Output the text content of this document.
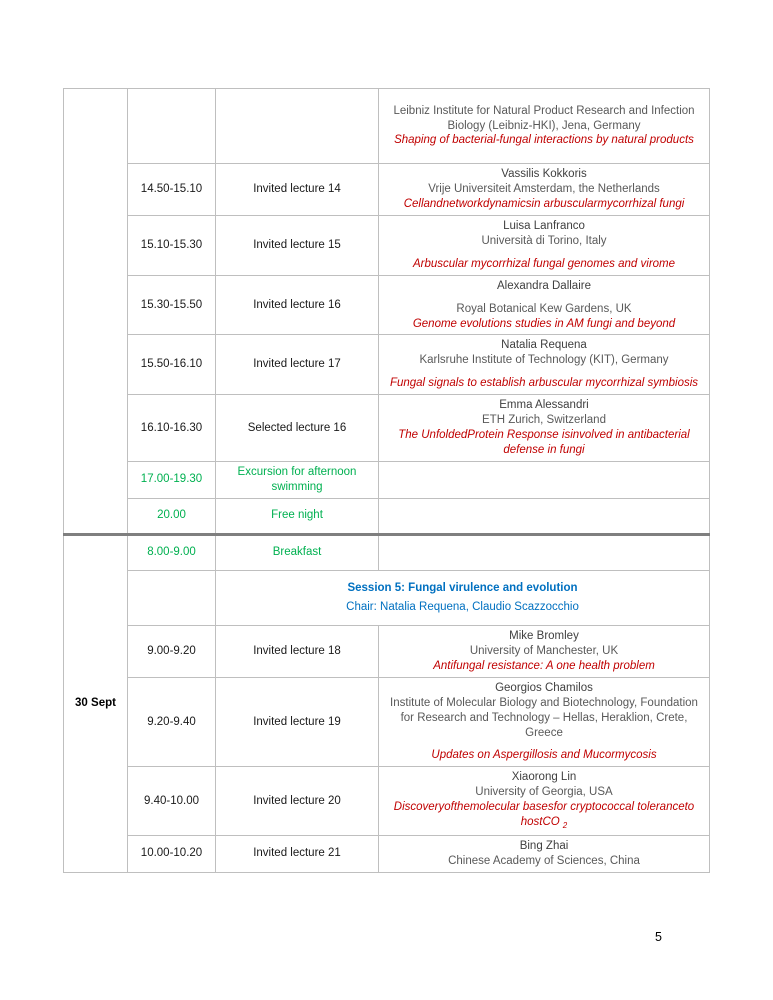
			Leibniz Institute for Natural Product Research and Infection Biology (Leibniz-HKI), Jena, Germany
Shaping of bacterial-fungal interactions by natural products

	14.50-15.10	Invited lecture 14	Vassilis Kokkoris
Vrije Universiteit Amsterdam, the Netherlands
Cellandnetworkdynamicsin arbuscularmycorrhizal fungi

	15.10-15.30	Invited lecture 15	Luisa Lanfranco
Università di Torino, Italy
Arbuscular mycorrhizal fungal genomes and virome

	15.30-15.50	Invited lecture 16	Alexandra Dallaire
Royal Botanical Kew Gardens, UK
Genome evolutions studies in AM fungi and beyond

	15.50-16.10	Invited lecture 17	Natalia Requena
Karlsruhe Institute of Technology (KIT), Germany
Fungal signals to establish arbuscular mycorrhizal symbiosis

	16.10-16.30	Selected lecture 16	Emma Alessandri
ETH Zurich, Switzerland
The UnfoldedProtein Response isinvolved in antibacterial defense in fungi

	17.00-19.30	Excursion for afternoon swimming	
	20.00	Free night	
30 Sept	8.00-9.00	Breakfast	

		Session 5: Fungal virulence and evolution
Chair: Natalia Requena, Claudio Scazzocchio	

	9.00-9.20	Invited lecture 18	Mike Bromley
University of Manchester, UK
Antifungal resistance: A one health problem

	9.20-9.40	Invited lecture 19	Georgios Chamilos
Institute of Molecular Biology and Biotechnology, Foundation for Research and Technology – Hellas, Heraklion, Crete, Greece
Updates on Aspergillosis and Mucormycosis

	9.40-10.00	Invited lecture 20	Xiaorong Lin
University of Georgia, USA
Discoveryofthemolecular basesfor cryptococcal toleranceto hostCO $_2$

	10.00-10.20	Invited lecture 21	Bing Zhai
Chinese Academy of Sciences, China
5
